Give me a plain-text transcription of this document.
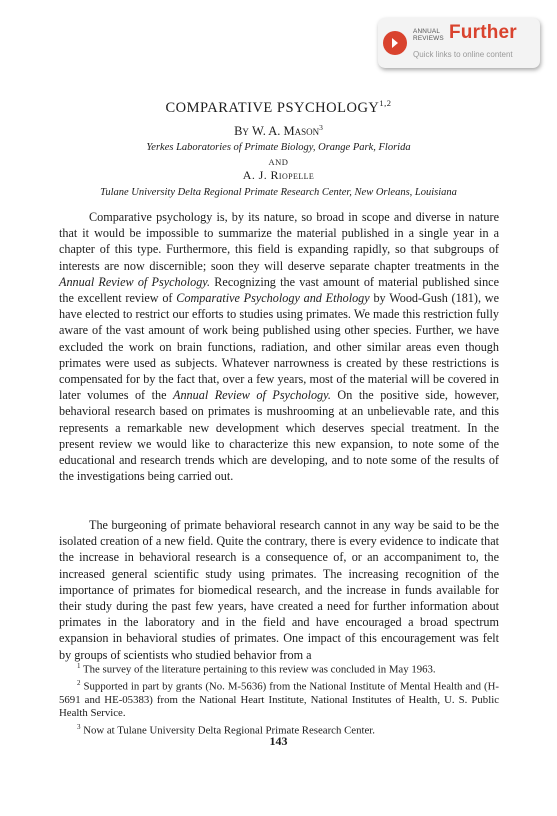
ANNUAL
REVIEWS Further
Quick links to online content
COMPARATIVE PSYCHOLOGY$^{1,2}$
By W. A. Mason$^3$
Yerkes Laboratories of Primate Biology, Orange Park, Florida
AND
A. J. Riopelle
Tulane University Delta Regional Primate Research Center, New Orleans, Louisiana

Comparative psychology is, by its nature, so broad in scope and diverse in nature that it would be impossible to summarize the material published in a single year in a chapter of this type. Furthermore, this field is expanding rapidly, so that subgroups of interests are now discernible; soon they will deserve separate chapter treatments in the Annual Review of Psychology. Recognizing the vast amount of material published since the excellent review of Comparative Psychology and Ethology by Wood-Gush (181), we have elected to restrict our efforts to studies using primates. We made this restriction fully aware of the vast amount of work being published using other species. Further, we have excluded the work on brain functions, radiation, and other similar areas even though primates were used as subjects. Whatever narrowness is created by these restrictions is compensated for by the fact that, over a few years, most of the material will be covered in later volumes of the Annual Review of Psychology. On the positive side, however, behavioral research based on primates is mushrooming at an unbelievable rate, and this represents a remarkable new development which deserves special treatment. In the present review we would like to characterize this new expansion, to note some of the educational and research trends which are developing, and to note some of the results of the investigations being carried out.

The burgeoning of primate behavioral research cannot in any way be said to be the isolated creation of a new field. Quite the contrary, there is every evidence to indicate that the increase in behavioral research is a consequence of, or an accompaniment to, the increased general scientific study using primates. The increasing recognition of the importance of primates for biomedical research, and the increase in funds available for their study during the past few years, have created a need for further information about primates in the laboratory and in the field and have encouraged a broad spectrum expansion in behavioral studies of primates. One impact of this encouragement was felt by groups of scientists who studied behavior from a

$^1$ The survey of the literature pertaining to this review was concluded in May 1963.

$^2$ Supported in part by grants (No. M-5636) from the National Institute of Mental Health and (H-5691 and HE-05383) from the National Heart Institute, National Institutes of Health, U. S. Public Health Service.

$^3$ Now at Tulane University Delta Regional Primate Research Center.

143
